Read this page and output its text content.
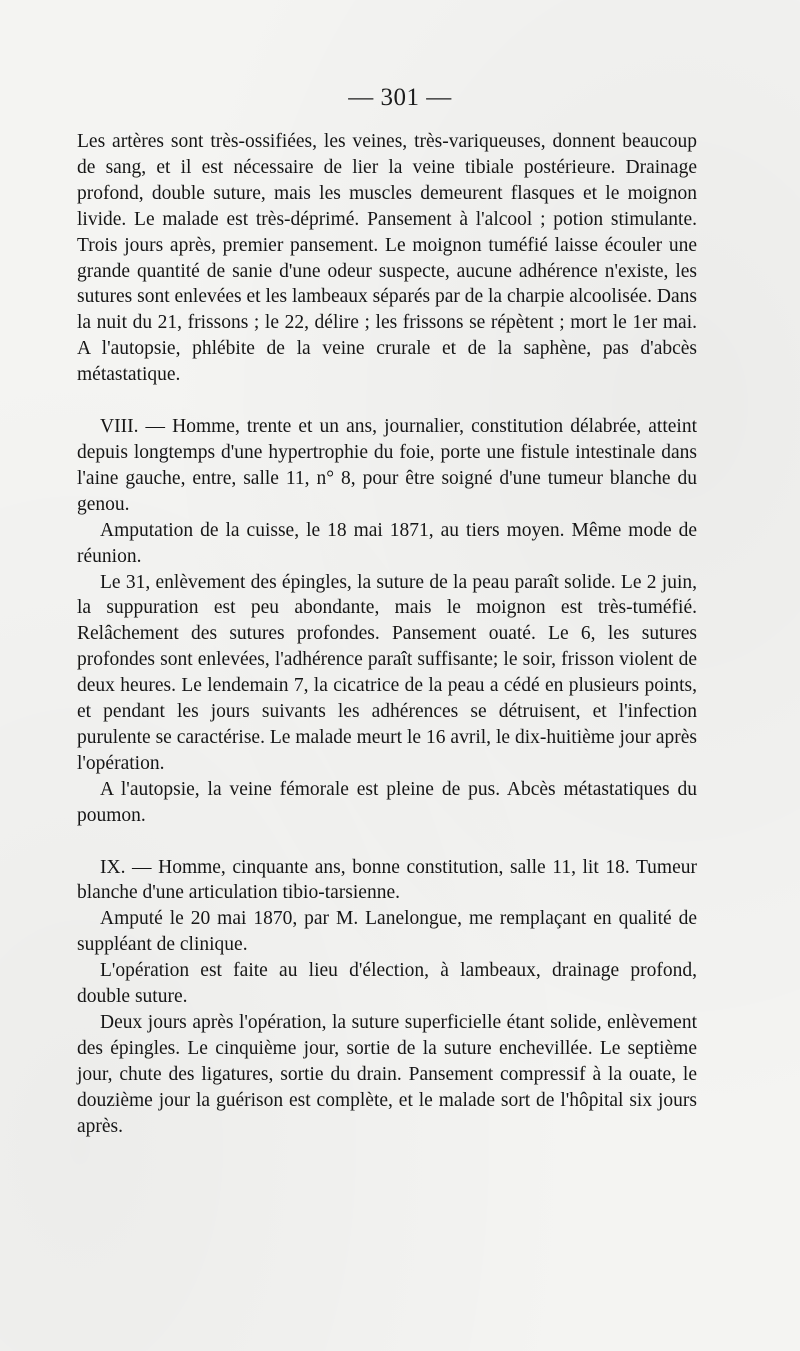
— 301 —

Les artères sont très-ossifiées, les veines, très-variqueuses, donnent beaucoup de sang, et il est nécessaire de lier la veine tibiale postérieure. Drainage profond, double suture, mais les muscles demeurent flasques et le moignon livide. Le malade est très-déprimé. Pansement à l'alcool ; potion stimulante. Trois jours après, premier pansement. Le moignon tuméfié laisse écouler une grande quantité de sanie d'une odeur suspecte, aucune adhérence n'existe, les sutures sont enlevées et les lambeaux séparés par de la charpie alcoolisée. Dans la nuit du 21, frissons ; le 22, délire ; les frissons se répètent ; mort le 1er mai. A l'autopsie, phlébite de la veine crurale et de la saphène, pas d'abcès métastatique.

VIII. — Homme, trente et un ans, journalier, constitution délabrée, atteint depuis longtemps d'une hypertrophie du foie, porte une fistule intestinale dans l'aine gauche, entre, salle 11, n° 8, pour être soigné d'une tumeur blanche du genou.

Amputation de la cuisse, le 18 mai 1871, au tiers moyen. Même mode de réunion.

Le 31, enlèvement des épingles, la suture de la peau paraît solide. Le 2 juin, la suppuration est peu abondante, mais le moignon est très-tuméfié. Relâchement des sutures profondes. Pansement ouaté. Le 6, les sutures profondes sont enlevées, l'adhérence paraît suffisante; le soir, frisson violent de deux heures. Le lendemain 7, la cicatrice de la peau a cédé en plusieurs points, et pendant les jours suivants les adhérences se détruisent, et l'infection purulente se caractérise. Le malade meurt le 16 avril, le dix-huitième jour après l'opération.

A l'autopsie, la veine fémorale est pleine de pus. Abcès métastatiques du poumon.

IX. — Homme, cinquante ans, bonne constitution, salle 11, lit 18. Tumeur blanche d'une articulation tibio-tarsienne.

Amputé le 20 mai 1870, par M. Lanelongue, me remplaçant en qualité de suppléant de clinique.

L'opération est faite au lieu d'élection, à lambeaux, drainage profond, double suture.

Deux jours après l'opération, la suture superficielle étant solide, enlèvement des épingles. Le cinquième jour, sortie de la suture enchevillée. Le septième jour, chute des ligatures, sortie du drain. Pansement compressif à la ouate, le douzième jour la guérison est complète, et le malade sort de l'hôpital six jours après.
